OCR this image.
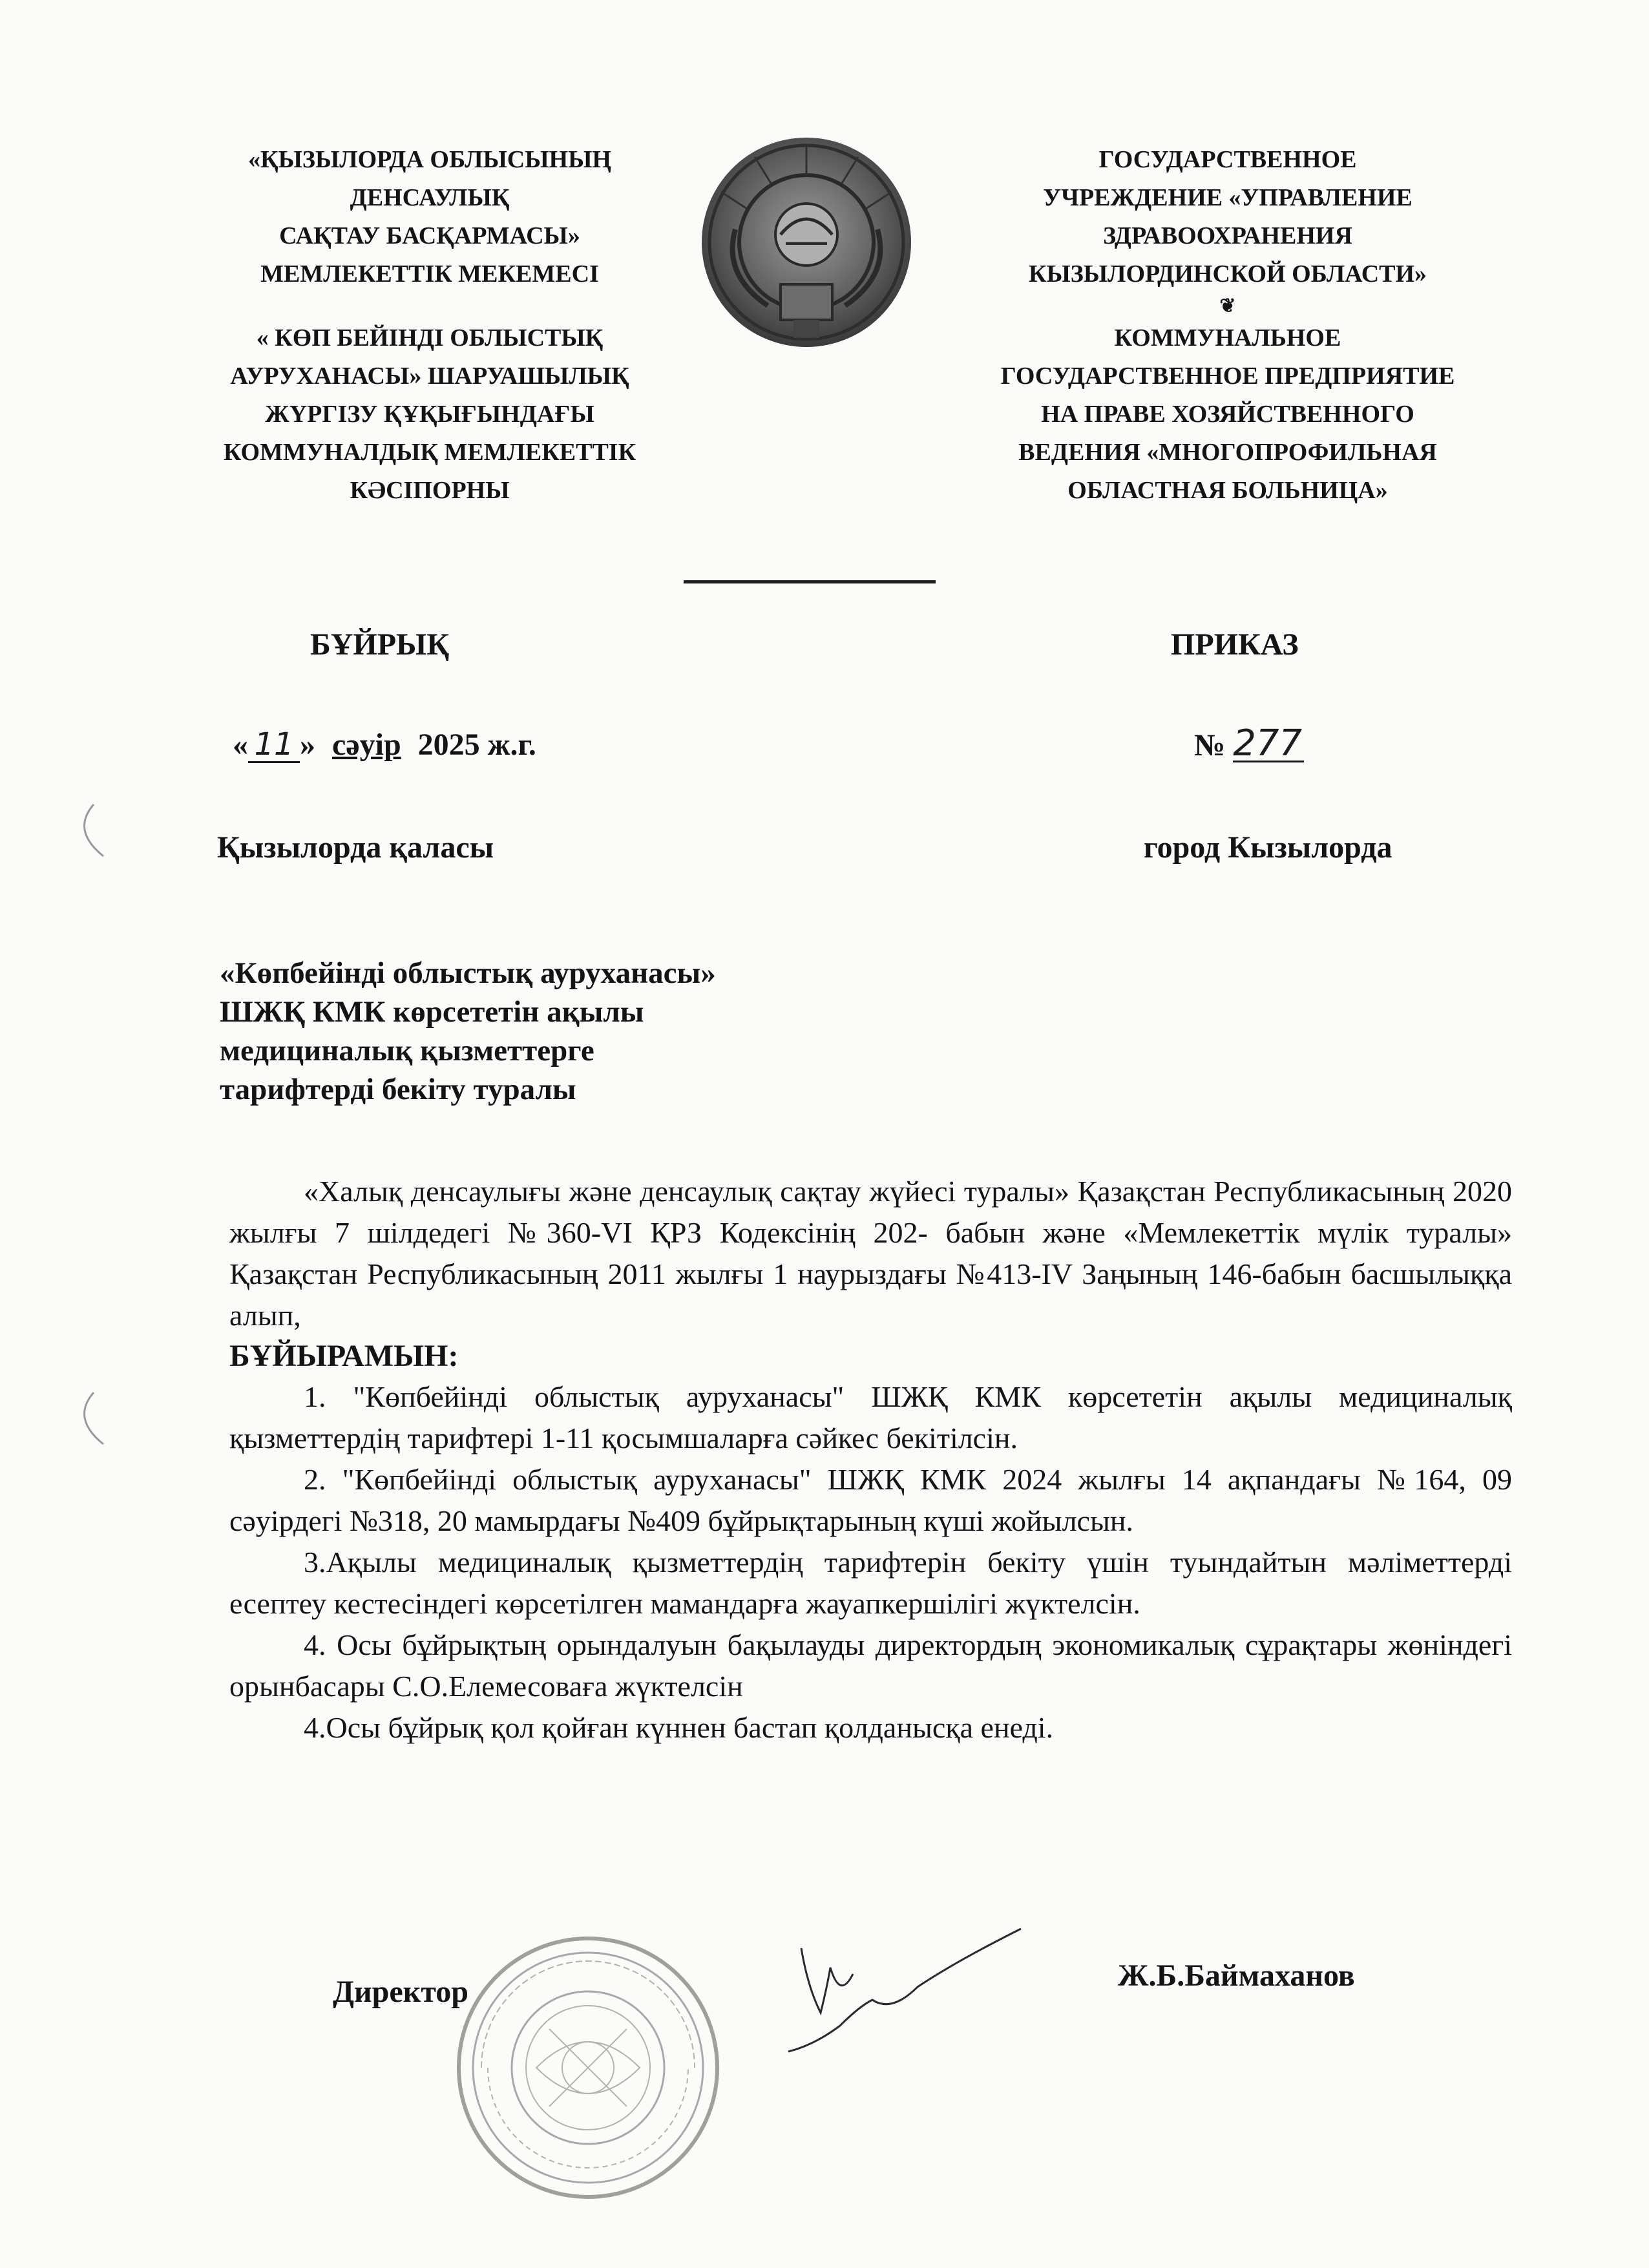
«ҚЫЗЫЛОРДА ОБЛЫСЫНЫҢ
ДЕНСАУЛЫҚ
САҚТАУ БАСҚАРМАСЫ»
МЕМЛЕКЕТТІК МЕКЕМЕСІ
« КӨП БЕЙІНДІ ОБЛЫСТЫҚ
АУРУХАНАСЫ» ШАРУАШЫЛЫҚ
ЖҮРГІЗУ ҚҰҚЫҒЫНДАҒЫ
КОММУНАЛДЫҚ МЕМЛЕКЕТТІК
КӘСІПОРНЫ
ГОСУДАРСТВЕННОЕ
УЧРЕЖДЕНИЕ «УПРАВЛЕНИЕ
ЗДРАВООХРАНЕНИЯ
КЫЗЫЛОРДИНСКОЙ ОБЛАСТИ»
❦
КОММУНАЛЬНОЕ
ГОСУДАРСТВЕННОЕ ПРЕДПРИЯТИЕ
НА ПРАВЕ ХОЗЯЙСТВЕННОГО
ВЕДЕНИЯ «МНОГОПРОФИЛЬНАЯ
ОБЛАСТНАЯ БОЛЬНИЦА»
БҰЙРЫҚ	ПРИКАЗ
« 11 » сәуір 2025 ж.г.	№ 277
Қызылорда қаласы	город Кызылорда
«Көпбейінді облыстық ауруханасы»
ШЖҚ КМК көрсететін ақылы
медициналық қызметтерге
тарифтерді бекіту туралы

«Халық денсаулығы және денсаулық сақтау жүйесі туралы» Қазақстан Республикасының 2020 жылғы 7 шілдедегі №360-VI ҚРЗ Кодексінің 202- бабын және «Мемлекеттік мүлік туралы» Қазақстан Республикасының 2011 жылғы 1 наурыздағы №413-IV Заңының 146-бабын басшылыққа алып,

БҰЙЫРАМЫН:

1. "Көпбейінді облыстық ауруханасы" ШЖҚ КМК көрсететін ақылы медициналық қызметтердің тарифтері 1-11 қосымшаларға сәйкес бекітілсін.

2. "Көпбейінді облыстық ауруханасы" ШЖҚ КМК 2024 жылғы 14 ақпандағы №164, 09 сәуірдегі №318, 20 мамырдағы №409 бұйрықтарының күші жойылсын.

3.Ақылы медициналық қызметтердің тарифтерін бекіту үшін туындайтын мәліметтерді есептеу кестесіндегі көрсетілген мамандарға жауапкершілігі жүктелсін.

4. Осы бұйрықтың орындалуын бақылауды директордың экономикалық сұрақтары жөніндегі орынбасары С.О.Елемесоваға жүктелсін

4.Осы бұйрық қол қойған күннен бастап қолданысқа енеді.

Директор	Ж.Б.Баймаханов
